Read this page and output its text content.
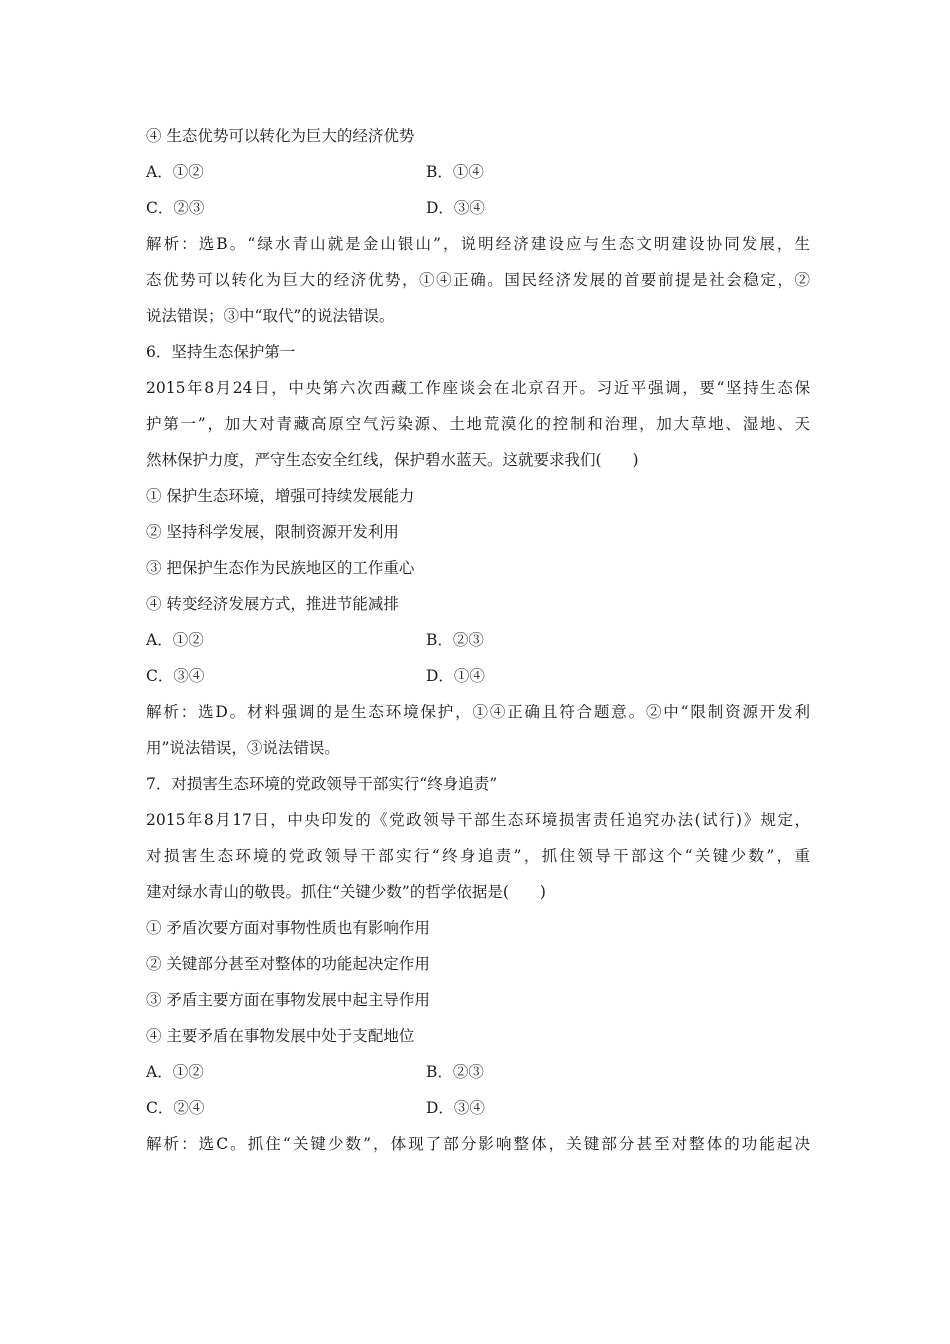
④ 生态优势可以转化为巨大的经济优势
A．①②	B．①④
C．②③	D．③④
解析：选B。“绿水青山就是金山银山”，说明经济建设应与生态文明建设协同发展，生
态优势可以转化为巨大的经济优势，①④正确。国民经济发展的首要前提是社会稳定，②
说法错误；③中“取代”的说法错误。
6．坚持生态保护第一
2015年8月24日，中央第六次西藏工作座谈会在北京召开。习近平强调，要“坚持生态保
护第一”，加大对青藏高原空气污染源、土地荒漠化的控制和治理，加大草地、湿地、天
然林保护力度，严守生态安全红线，保护碧水蓝天。这就要求我们(　　)
① 保护生态环境，增强可持续发展能力
② 坚持科学发展，限制资源开发利用
③ 把保护生态作为民族地区的工作重心
④ 转变经济发展方式，推进节能减排
A．①②	B．②③
C．③④	D．①④
解析：选D。材料强调的是生态环境保护，①④正确且符合题意。②中“限制资源开发利
用”说法错误，③说法错误。
7．对损害生态环境的党政领导干部实行“终身追责”
2015年8月17日，中央印发的《党政领导干部生态环境损害责任追究办法(试行)》规定，
对损害生态环境的党政领导干部实行“终身追责”，抓住领导干部这个“关键少数”，重
建对绿水青山的敬畏。抓住“关键少数”的哲学依据是(　　)
① 矛盾次要方面对事物性质也有影响作用
② 关键部分甚至对整体的功能起决定作用
③ 矛盾主要方面在事物发展中起主导作用
④ 主要矛盾在事物发展中处于支配地位
A．①②	B．②③
C．②④	D．③④
解析：选C。抓住“关键少数”，体现了部分影响整体，关键部分甚至对整体的功能起决
